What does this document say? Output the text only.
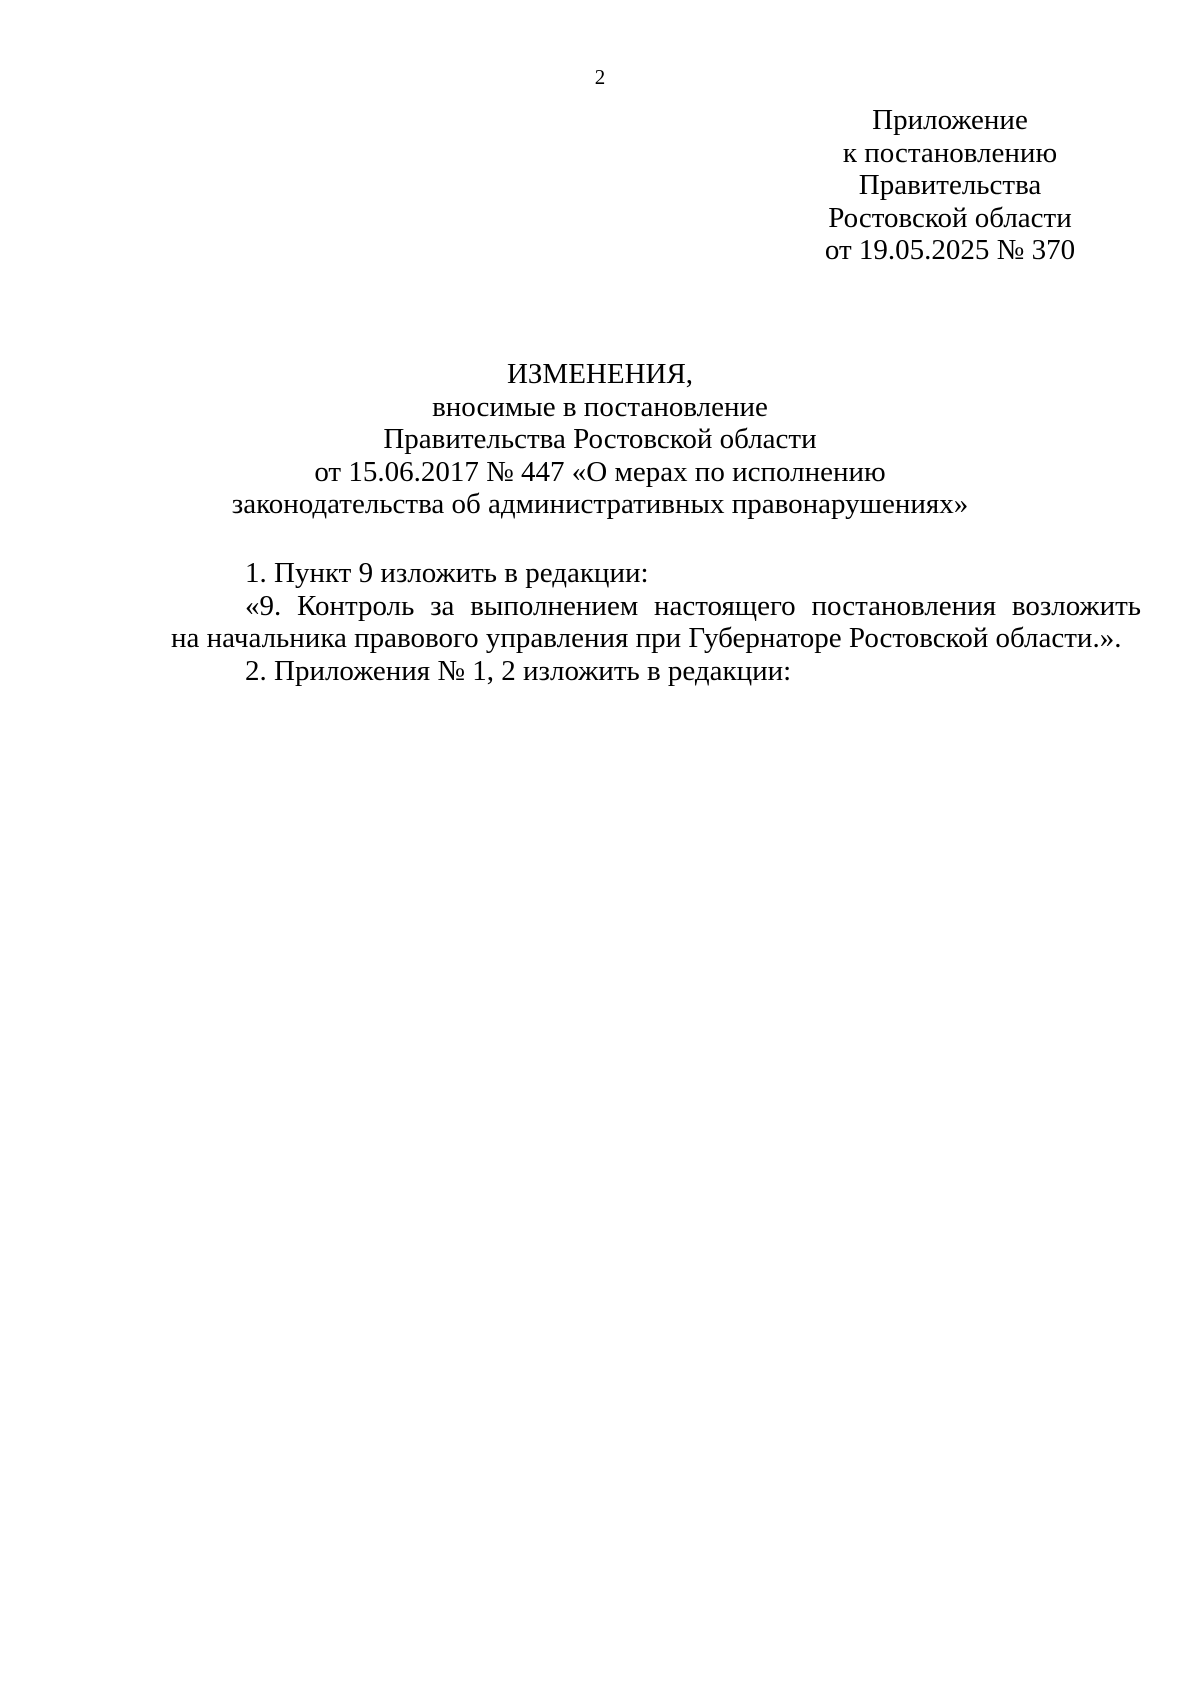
2
Приложение
к постановлению
Правительства
Ростовской области
от 19.05.2025 № 370
ИЗМЕНЕНИЯ,
вносимые в постановление
Правительства Ростовской области
от 15.06.2017 № 447 «О мерах по исполнению
законодательства об административных правонарушениях»
1. Пункт 9 изложить в редакции:
«9. Контроль за выполнением настоящего постановления возложить
на начальника правового управления при Губернаторе Ростовской области.».
2. Приложения № 1, 2 изложить в редакции:
